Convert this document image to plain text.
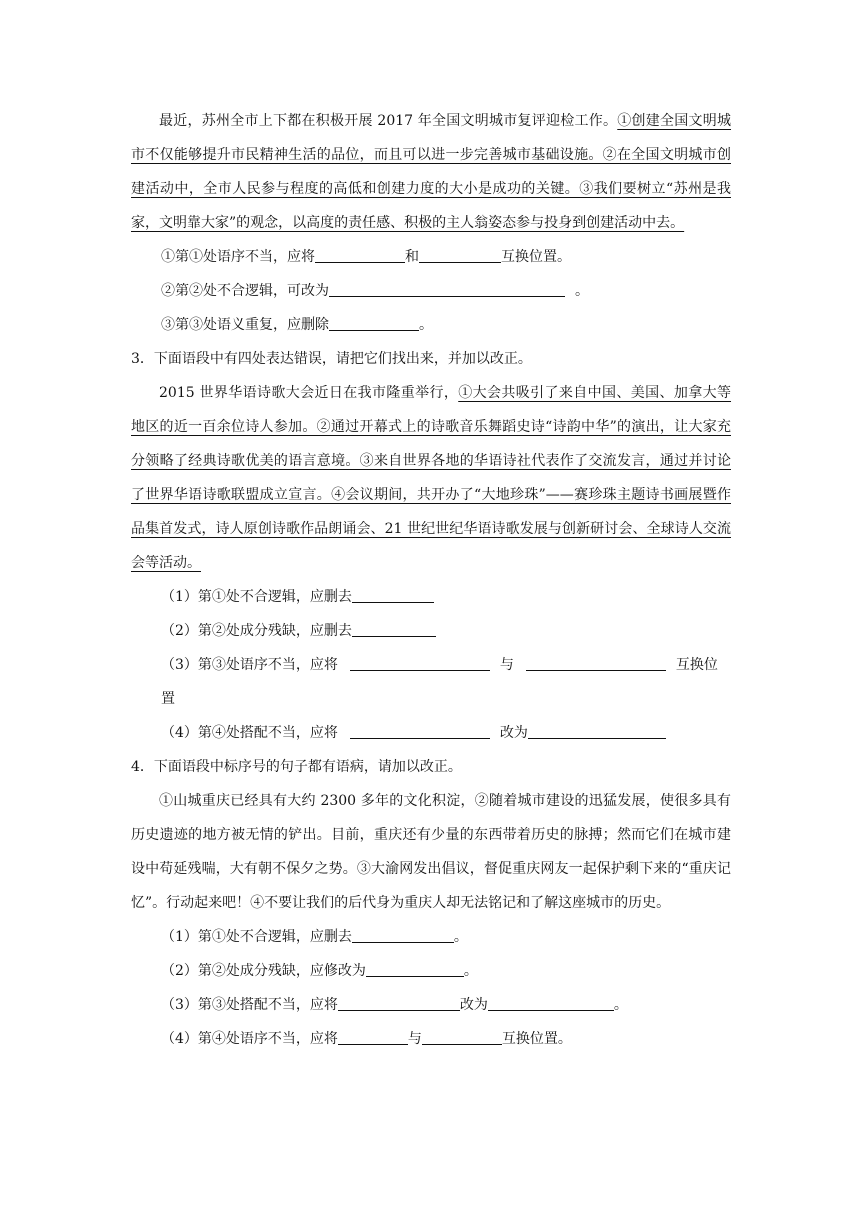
最近，苏州全市上下都在积极开展 2017 年全国文明城市复评迎检工作。①创建全国文明城市不仅能够提升市民精神生活的品位，而且可以进一步完善城市基础设施。②在全国文明城市创建活动中，全市人民参与程度的高低和创建力度的大小是成功的关键。③我们要树立“苏州是我家，文明靠大家”的观念，以高度的责任感、积极的主人翁姿态参与投身到创建活动中去。

①第①处语序不当，应将	和	互换位置。

②第②处不合逻辑，可改为	。

③第③处语义重复，应删除	。

3．下面语段中有四处表达错误，请把它们找出来，并加以改正。

2015 世界华语诗歌大会近日在我市隆重举行，①大会共吸引了来自中国、美国、加拿大等地区的近一百余位诗人参加。②通过开幕式上的诗歌音乐舞蹈史诗“诗韵中华”的演出，让大家充分领略了经典诗歌优美的语言意境。③来自世界各地的华语诗社代表作了交流发言，通过并讨论了世界华语诗歌联盟成立宣言。④会议期间，共开办了“大地珍珠”——赛珍珠主题诗书画展暨作品集首发式，诗人原创诗歌作品朗诵会、21 世纪世纪华语诗歌发展与创新研讨会、全球诗人交流会等活动。

（1）第①处不合逻辑，应删去

（2）第②处成分残缺，应删去

（3）第③处语序不当，应将	与	互换位

置

（4）第④处搭配不当，应将	改为

4．下面语段中标序号的句子都有语病，请加以改正。

①山城重庆已经具有大约 2300 多年的文化积淀，②随着城市建设的迅猛发展，使很多具有历史遗迹的地方被无情的铲出。目前，重庆还有少量的东西带着历史的脉搏；然而它们在城市建设中苟延残喘，大有朝不保夕之势。③大渝网发出倡议，督促重庆网友一起保护剩下来的“重庆记忆”。行动起来吧！④不要让我们的后代身为重庆人却无法铭记和了解这座城市的历史。

（1）第①处不合逻辑，应删去	。

（2）第②处成分残缺，应修改为	。

（3）第③处搭配不当，应将	改为	。

（4）第④处语序不当，应将	与	互换位置。
